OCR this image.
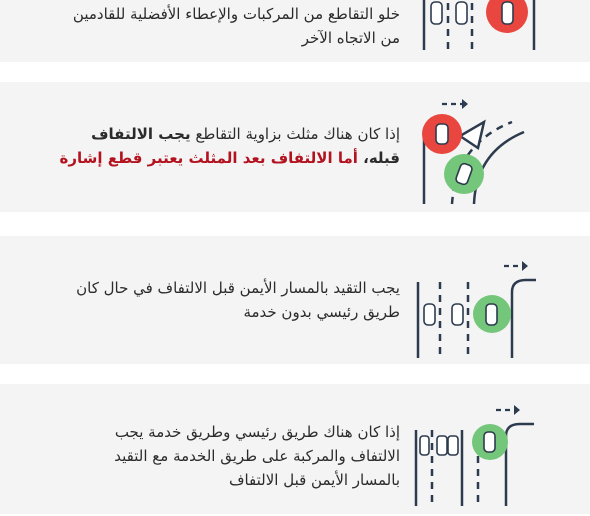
خلو التقاطع من المركبات والإعطاء الأفضلية للقادمين
من الاتجاه الآخر
إذا كان هناك مثلث بزاوية التقاطع يجب الالتفاف
قبله، أما الالتفاف بعد المثلث يعتبر قطع إشارة
يجب التقيد بالمسار الأيمن قبل الالتفاف في حال كان
طريق رئيسي بدون خدمة
إذا كان هناك طريق رئيسي وطريق خدمة يجب
الالتفاف والمركبة على طريق الخدمة مع التقيد
بالمسار الأيمن قبل الالتفاف
